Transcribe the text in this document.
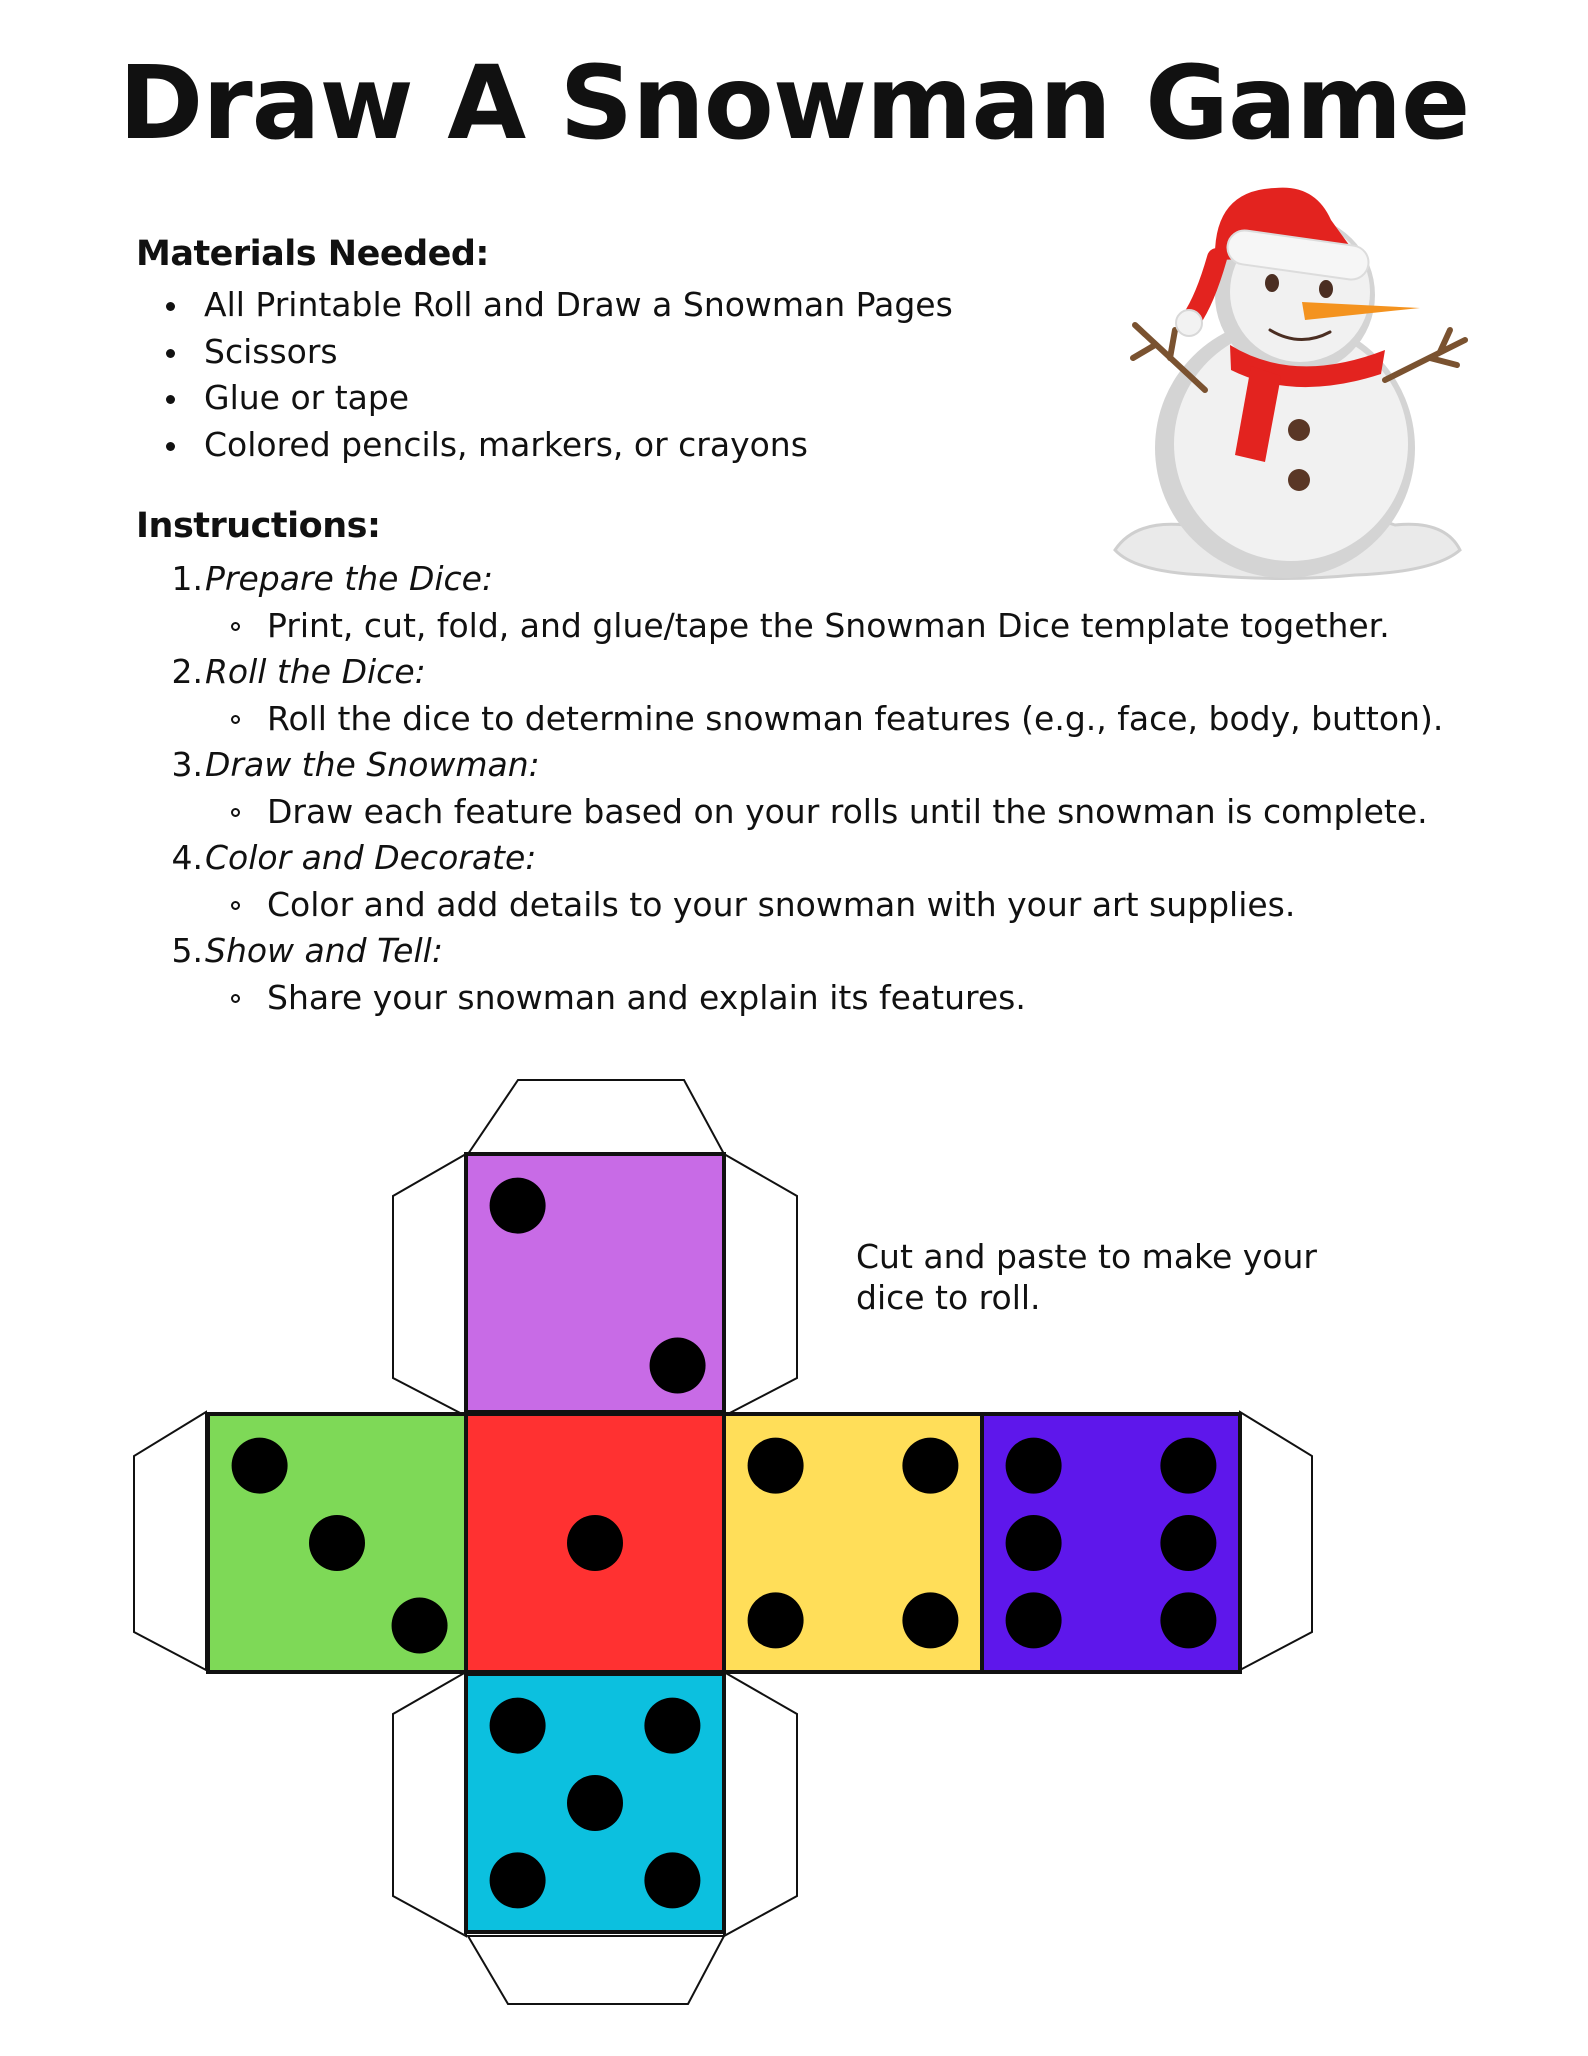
Draw A Snowman Game
Materials Needed:
All Printable Roll and Draw a Snowman Pages
Scissors
Glue or tape
Colored pencils, markers, or crayons
Instructions:
1.Prepare the Dice:
Print, cut, fold, and glue/tape the Snowman Dice template together.
2.Roll the Dice:
Roll the dice to determine snowman features (e.g., face, body, button).
3.Draw the Snowman:
Draw each feature based on your rolls until the snowman is complete.
4.Color and Decorate:
Color and add details to your snowman with your art supplies.
5.Show and Tell:
Share your snowman and explain its features.

Cut and paste to make your dice to roll.
